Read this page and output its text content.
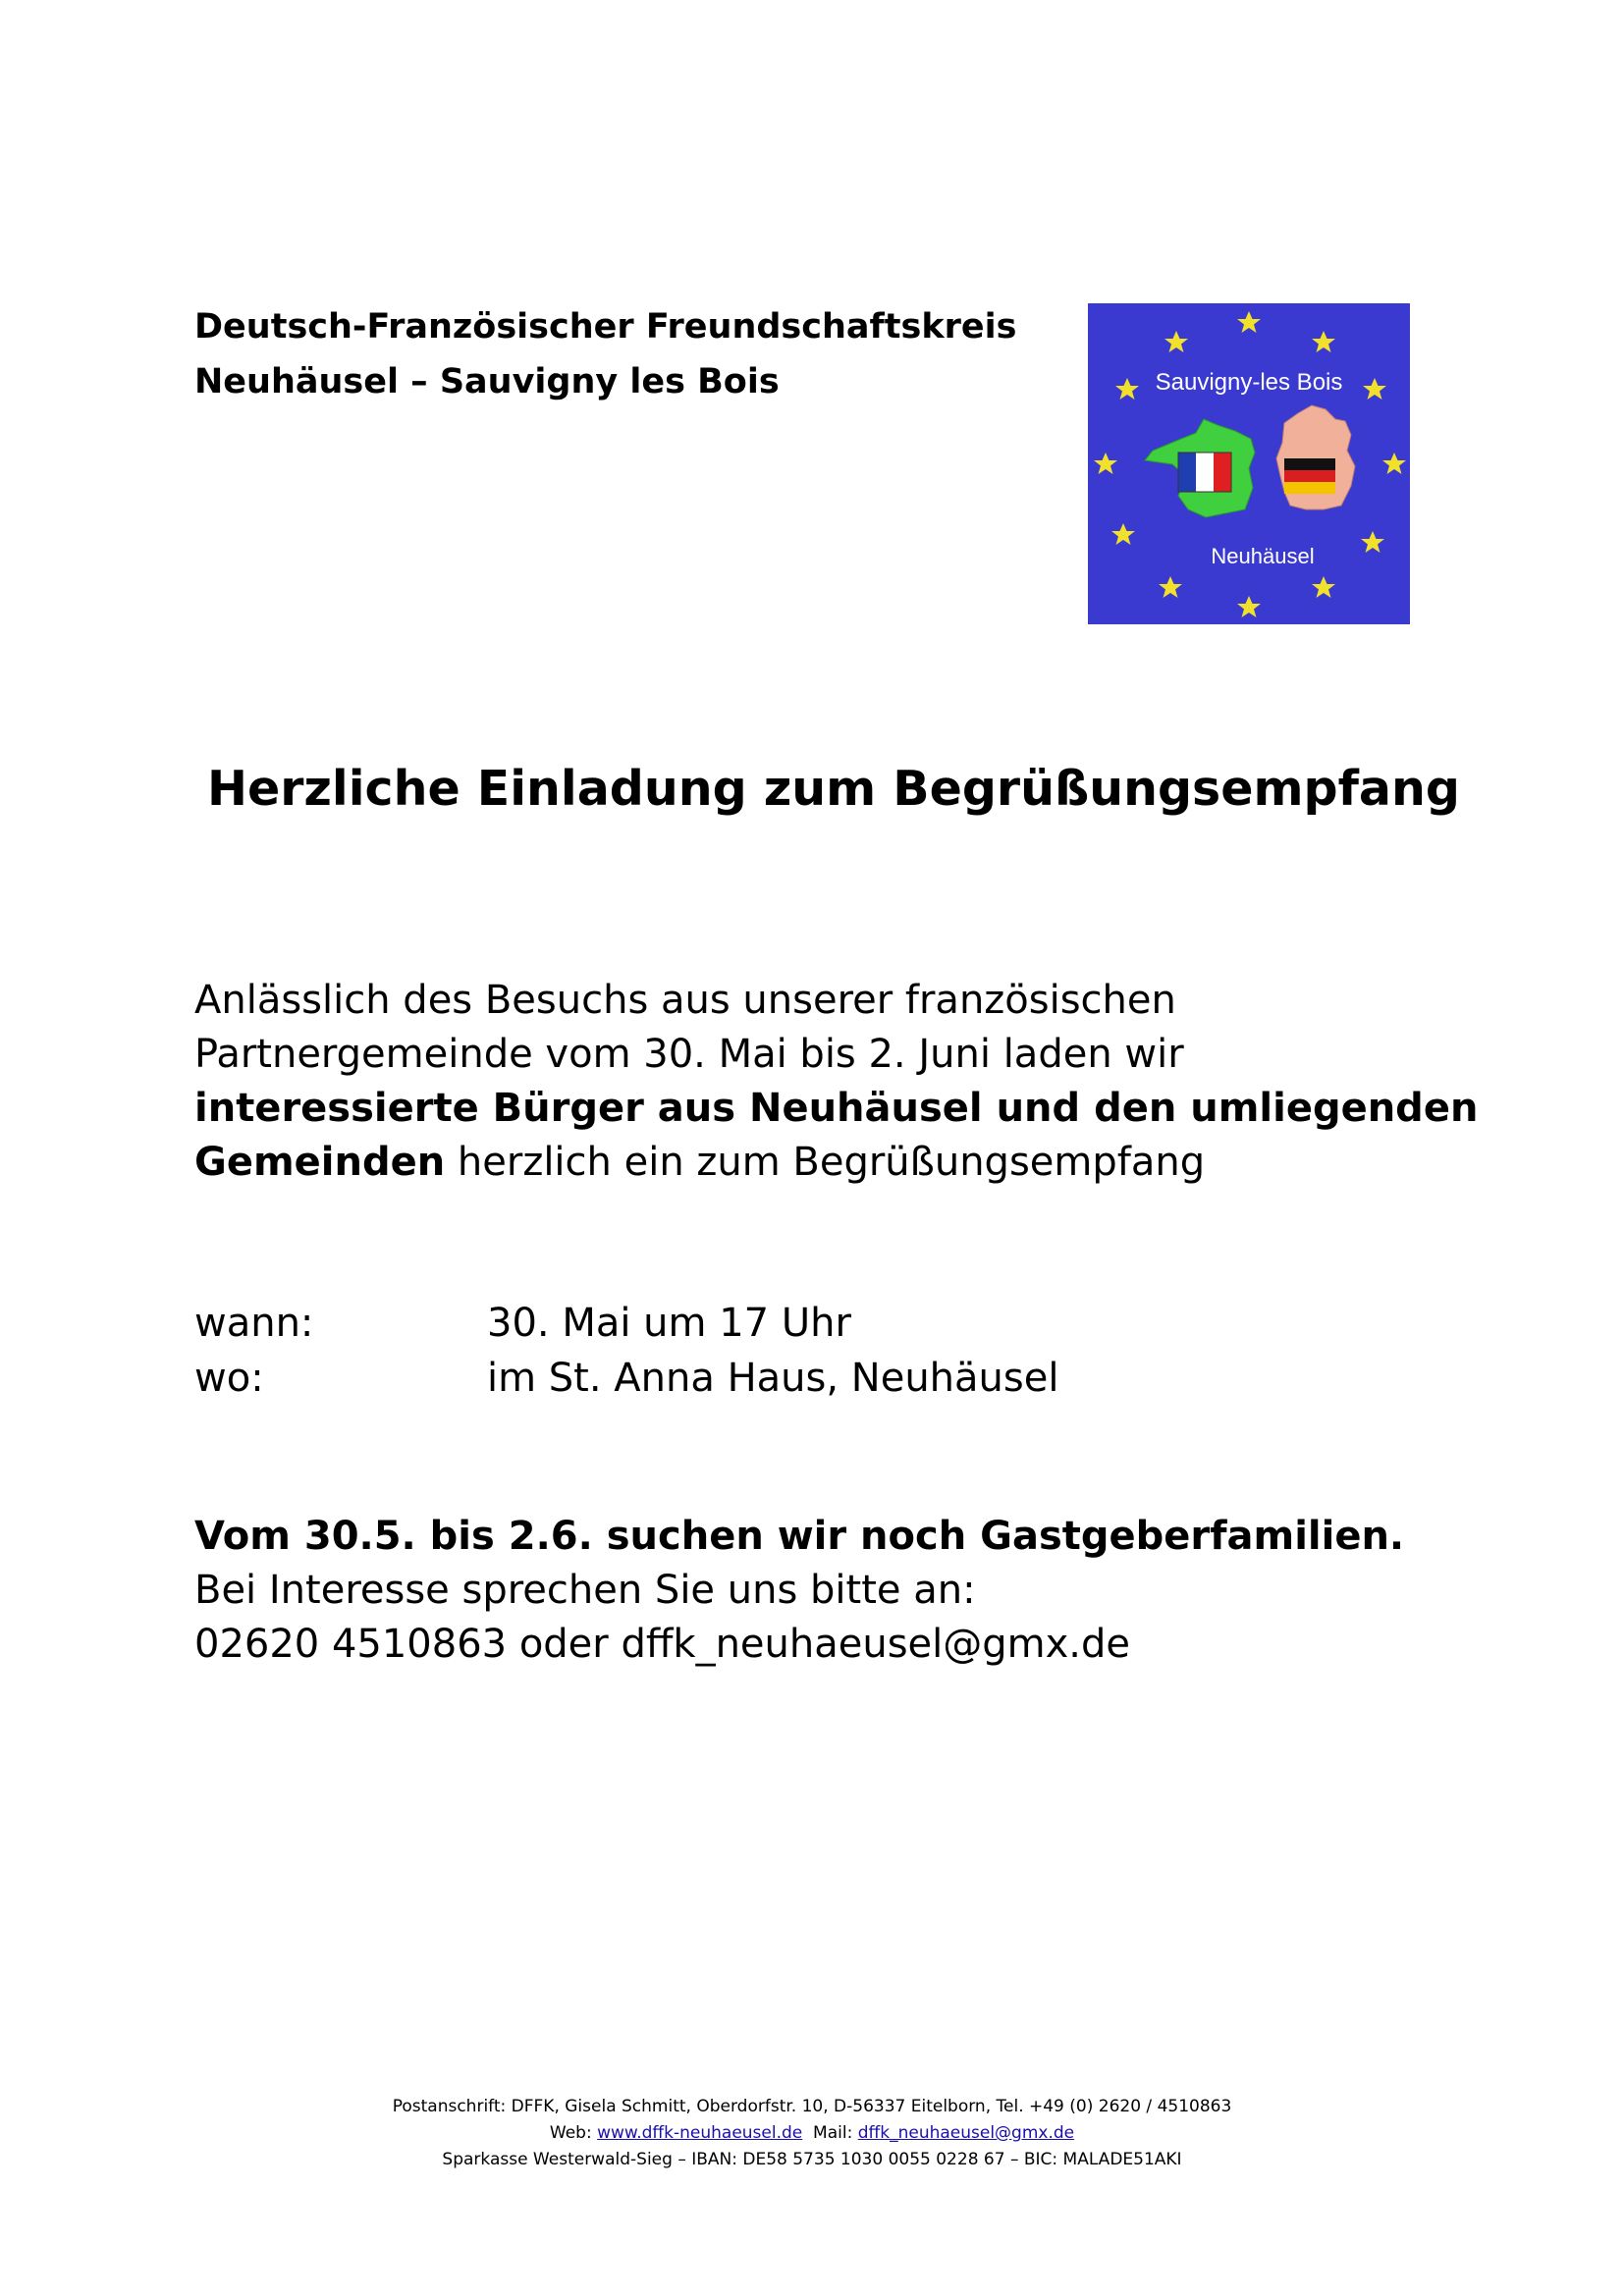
Deutsch-Französischer Freundschaftskreis
Neuhäusel – Sauvigny les Bois	Sauvigny-les Bois
Neuhäusel
Herzliche Einladung zum Begrüßungsempfang
Anlässlich des Besuchs aus unserer französischen
Partnergemeinde vom 30. Mai bis 2. Juni laden wir
interessierte Bürger aus Neuhäusel und den umliegenden
Gemeinden herzlich ein zum Begrüßungsempfang
wann:	30. Mai um 17 Uhr
wo:	im St. Anna Haus, Neuhäusel
Vom 30.5. bis 2.6. suchen wir noch Gastgeberfamilien.
Bei Interesse sprechen Sie uns bitte an:
02620 4510863 oder dffk_neuhaeusel@gmx.de
Postanschrift: DFFK, Gisela Schmitt, Oberdorfstr. 10, D-56337 Eitelborn, Tel. +49 (0) 2620 / 4510863
Web: www.dffk-neuhaeusel.de  Mail: dffk_neuhaeusel@gmx.de
Sparkasse Westerwald-Sieg – IBAN: DE58 5735 1030 0055 0228 67 – BIC: MALADE51AKI
